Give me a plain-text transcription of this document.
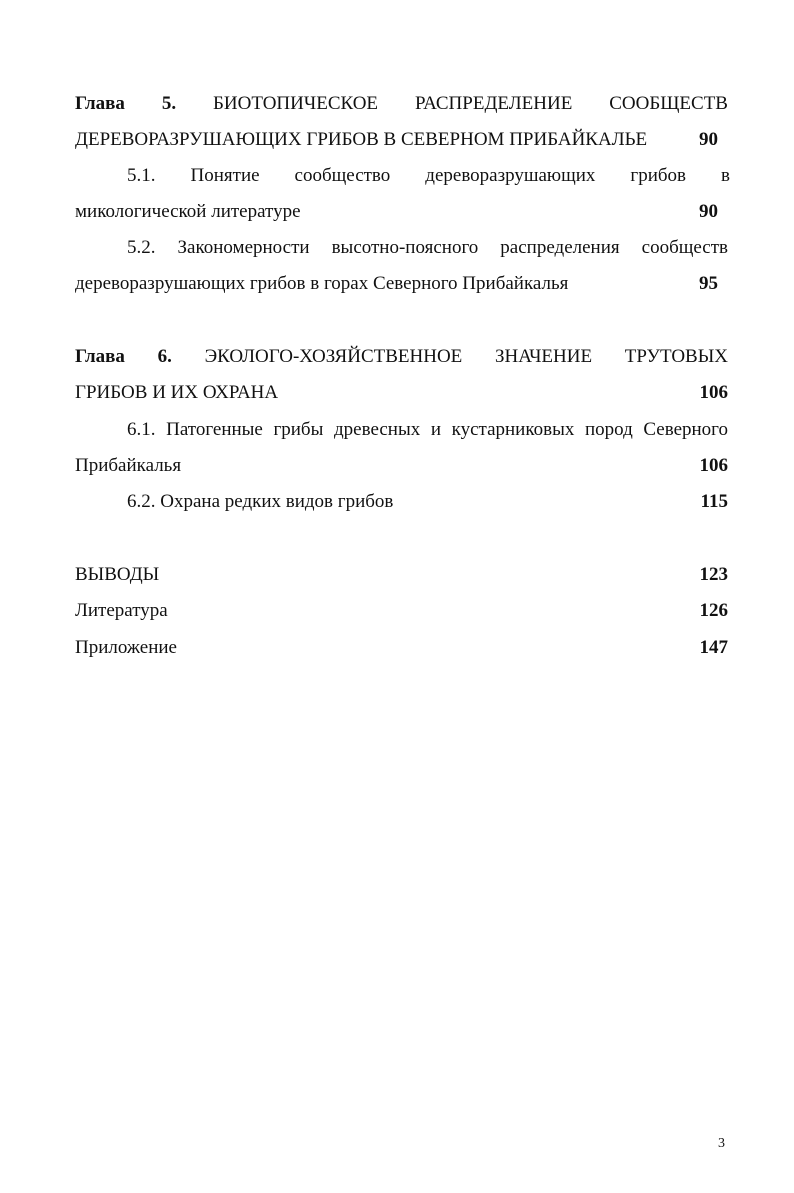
Глава 5. БИОТОПИЧЕСКОЕ РАСПРЕДЕЛЕНИЕ СООБЩЕСТВ
ДЕРЕВОРАЗРУШАЮЩИХ ГРИБОВ В СЕВЕРНОМ ПРИБАЙКАЛЬЕ	90
5.1. Понятие сообщество дереворазрушающих грибов в
микологической литературе	90
5.2. Закономерности высотно-поясного распределения сообществ
дереворазрушающих грибов в горах Северного Прибайкалья	95
Глава 6. ЭКОЛОГО-ХОЗЯЙСТВЕННОЕ ЗНАЧЕНИЕ ТРУТОВЫХ
ГРИБОВ И ИХ ОХРАНА	106
6.1. Патогенные грибы древесных и кустарниковых пород Северного
Прибайкалья	106
6.2. Охрана редких видов грибов	115
ВЫВОДЫ	123
Литература	126
Приложение	147
3
